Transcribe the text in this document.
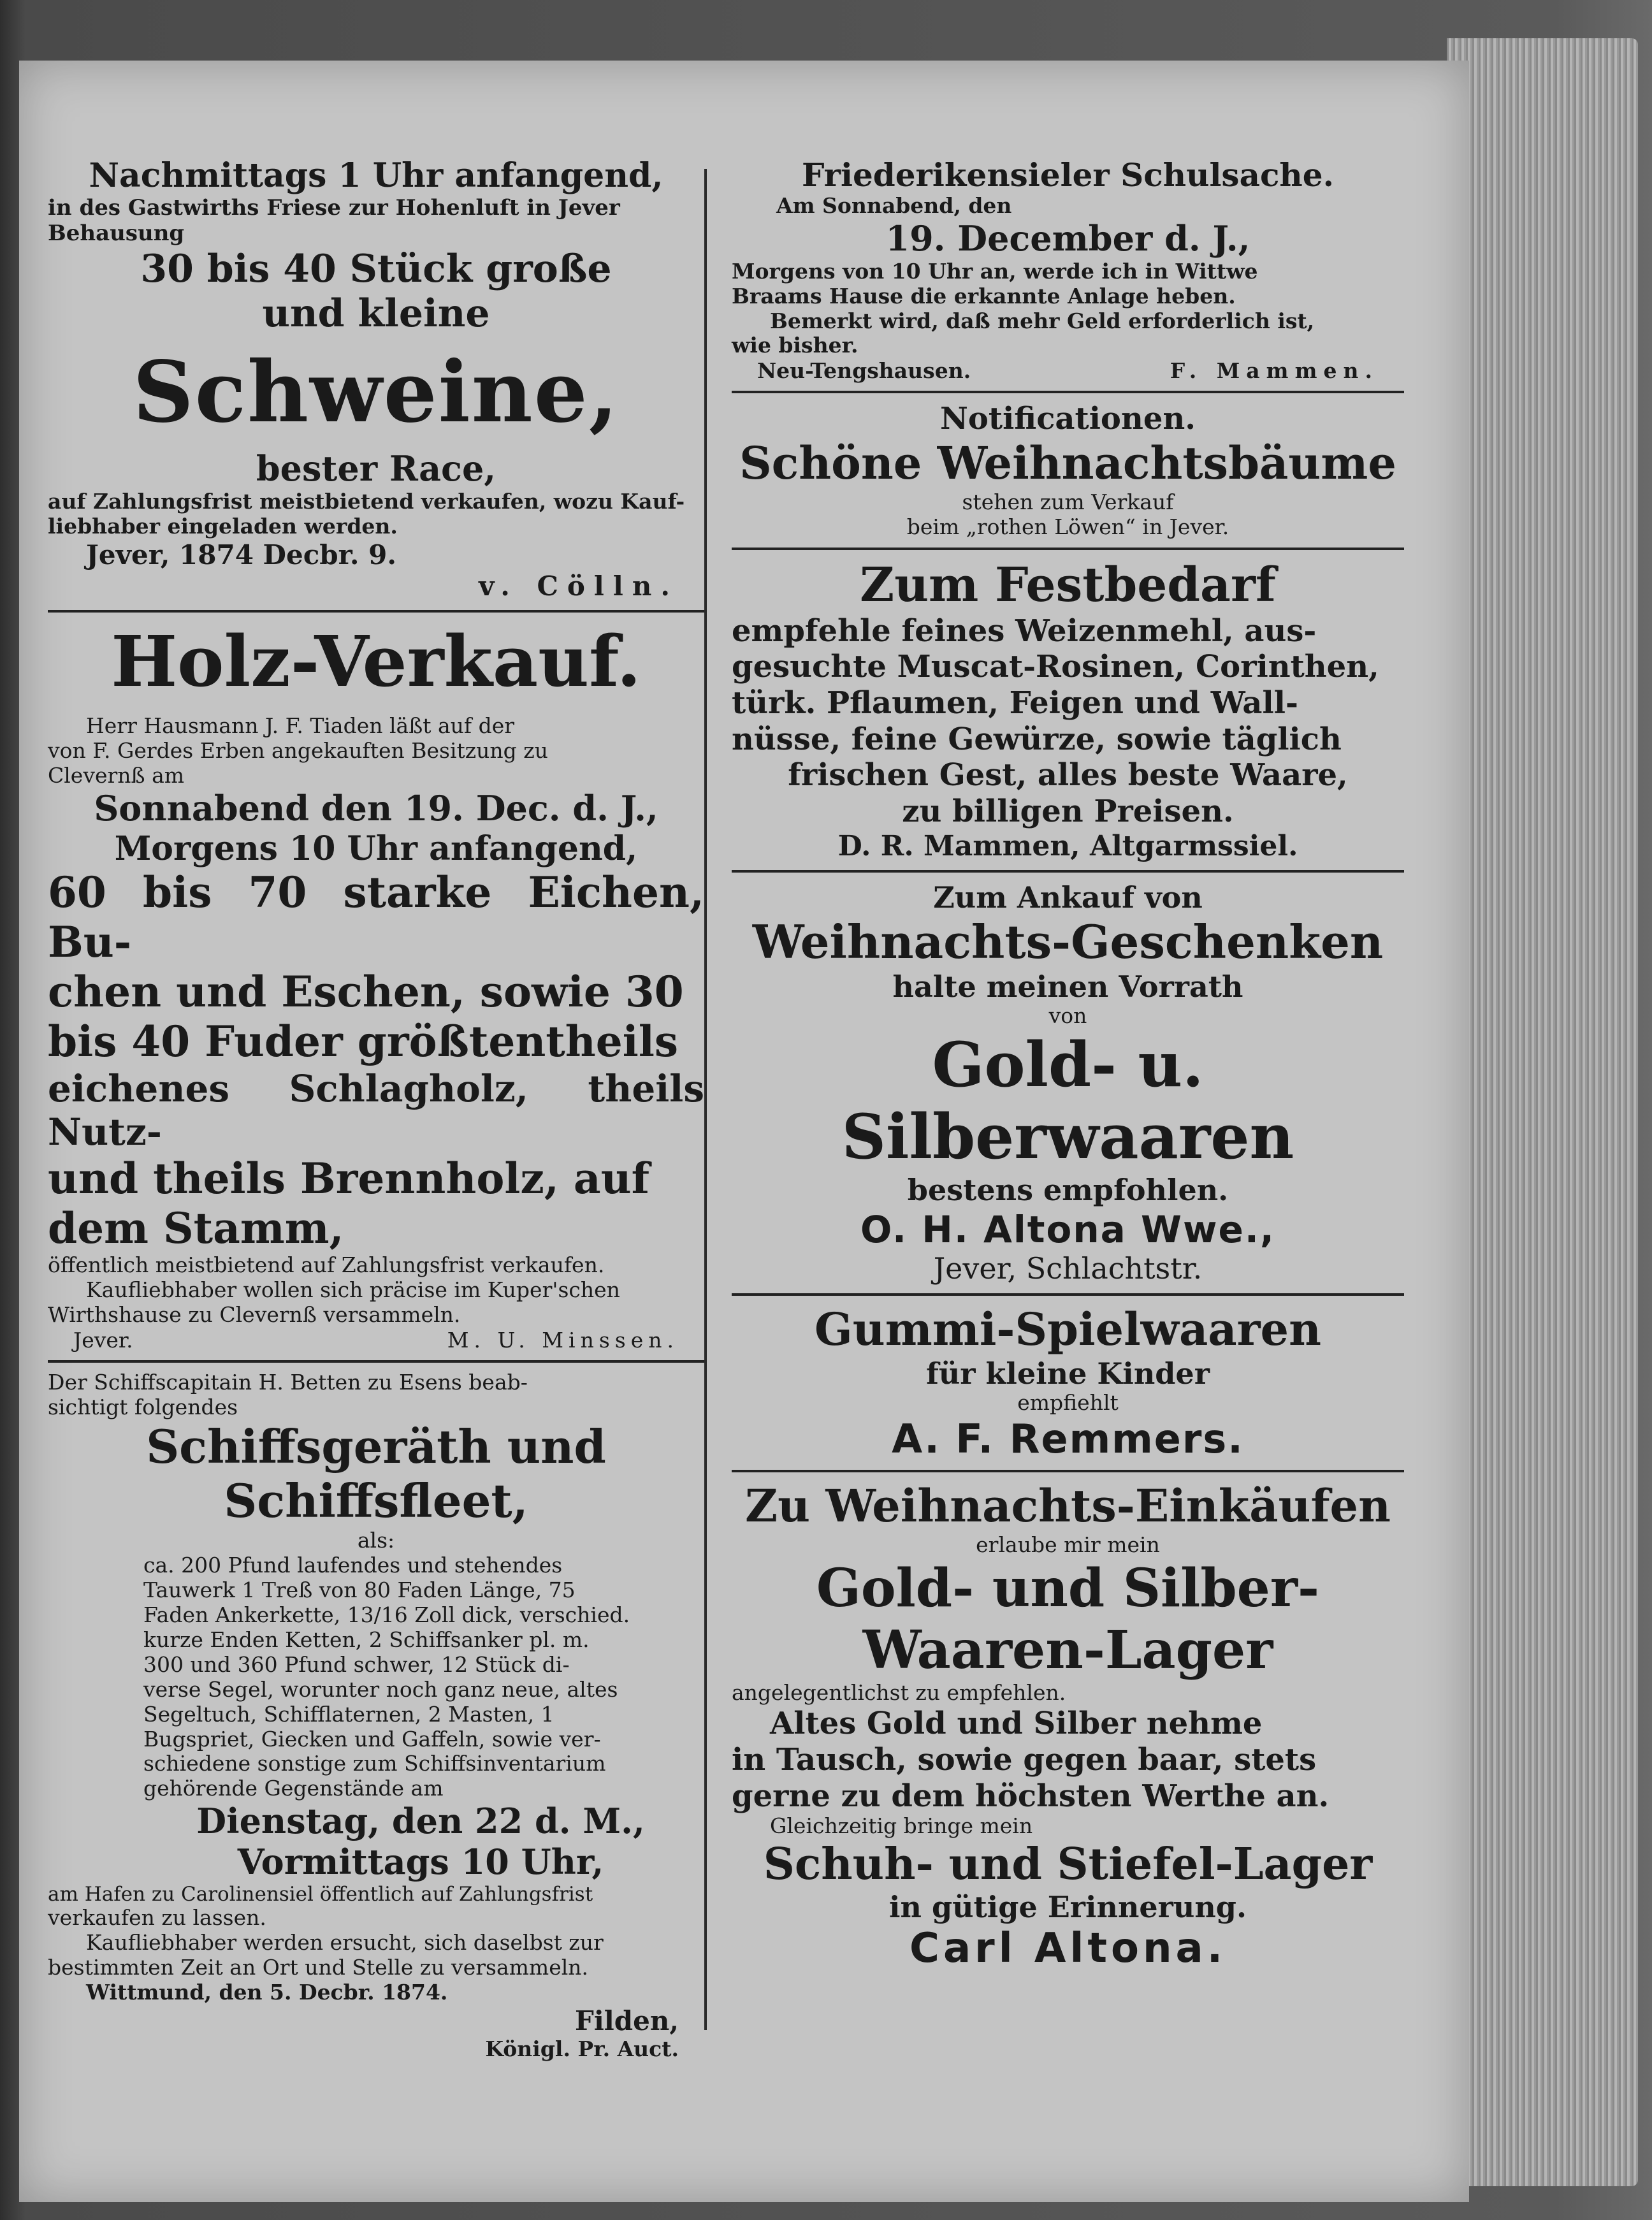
Nachmittags 1 Uhr anfangend,

in des Gastwirths Friese zur Hohenluft in Jever

Behausung

30 bis 40 Stück große

und kleine

Schweine,

bester Race,

auf Zahlungsfrist meistbietend verkaufen, wozu Kauf-

liebhaber eingeladen werden.

Jever, 1874 Decbr. 9.

v. Cölln.

Holz-Verkauf.

Herr Hausmann J. F. Tiaden läßt auf der

von F. Gerdes Erben angekauften Besitzung zu

Clevernß am

Sonnabend den 19. Dec. d. J.,

Morgens 10 Uhr anfangend,

60 bis 70 starke Eichen, Bu-

chen und Eschen, sowie 30

bis 40 Fuder größtentheils

eichenes Schlagholz, theils Nutz-

und theils Brennholz, auf

dem Stamm,

öffentlich meistbietend auf Zahlungsfrist verkaufen.

Kaufliebhaber wollen sich präcise im Kuper'schen

Wirthshause zu Clevernß versammeln.

Jever.	M. U. Minssen.

Der Schiffscapitain H. Betten zu Esens beab-

sichtigt folgendes

Schiffsgeräth und

Schiffsfleet,

als:

ca. 200 Pfund laufendes und stehendes

Tauwerk 1 Treß von 80 Faden Länge, 75

Faden Ankerkette, 13/16 Zoll dick, verschied.

kurze Enden Ketten, 2 Schiffsanker pl. m.

300 und 360 Pfund schwer, 12 Stück di-

verse Segel, worunter noch ganz neue, altes

Segeltuch, Schifflaternen, 2 Masten, 1

Bugspriet, Giecken und Gaffeln, sowie ver-

schiedene sonstige zum Schiffsinventarium

gehörende Gegenstände am

Dienstag, den 22 d. M.,

Vormittags 10 Uhr,

am Hafen zu Carolinensiel öffentlich auf Zahlungsfrist

verkaufen zu lassen.

Kaufliebhaber werden ersucht, sich daselbst zur

bestimmten Zeit an Ort und Stelle zu versammeln.

Wittmund, den 5. Decbr. 1874.

Filden,

Königl. Pr. Auct.

Friederikensieler Schulsache.

Am Sonnabend, den

19. December d. J.,

Morgens von 10 Uhr an, werde ich in Wittwe

Braams Hause die erkannte Anlage heben.

Bemerkt wird, daß mehr Geld erforderlich ist,

wie bisher.

Neu-Tengshausen.	F. Mammen.

Notificationen.

Schöne Weihnachtsbäume

stehen zum Verkauf

beim „rothen Löwen“ in Jever.

Zum Festbedarf

empfehle feines Weizenmehl, aus-

gesuchte Muscat-Rosinen, Corinthen,

türk. Pflaumen, Feigen und Wall-

nüsse, feine Gewürze, sowie täglich

frischen Gest, alles beste Waare,

zu billigen Preisen.

D. R. Mammen, Altgarmssiel.

Zum Ankauf von

Weihnachts-Geschenken

halte meinen Vorrath

von

Gold- u. Silberwaaren

bestens empfohlen.

O. H. Altona Wwe.,

Jever, Schlachtstr.

Gummi-Spielwaaren

für kleine Kinder

empfiehlt

A. F. Remmers.

Zu Weihnachts-Einkäufen

erlaube mir mein

Gold- und Silber-

Waaren-Lager

angelegentlichst zu empfehlen.

Altes Gold und Silber nehme

in Tausch, sowie gegen baar, stets

gerne zu dem höchsten Werthe an.

Gleichzeitig bringe mein

Schuh- und Stiefel-Lager

in gütige Erinnerung.

Carl Altona.
